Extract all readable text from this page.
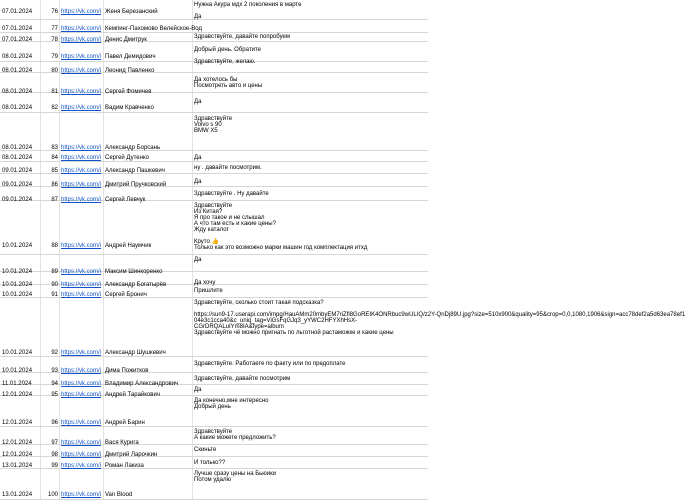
07.01.2024	76 https://vk.com/i Женя Березанский
Нужна Акура мдх 2 поколения в марте

Да
07.01.2024	77 https://vk.com/i Кемпинг-Пахомово Велейское-Вод
07.01.2024	78 https://vk.com/i Денис Дмитрук	Здравствуйте, давайте попробуем
08.01.2024	79 https://vk.com/i Павел Демидович
Добрый день. Обратите

Здравствуйте, желаю.
08.01.2024	80 https://vk.com/i Леонид Павленко
08.01.2024	81 https://vk.com/i Сергей Фомичев
Да хотелось бы
Посмотреть авто и цены
08.01.2024	82 https://vk.com/i Вадим Кравченко
Да
08.01.2024	83 https://vk.com/i Александр Борсань
Здравствуйте
Volvo s 90
BMW X5
08.01.2024	84 https://vk.com/i Сергей Дутенко	Да
09.01.2024	85 https://vk.com/i Александр Пашкевич	ну . давайте посмотрим.
09.01.2024	86 https://vk.com/i Дмитрий Пручковский	Да
09.01.2024	87 https://vk.com/i Сергей Левчук
Здравствуйте . Ну давайте
10.01.2024	88 https://vk.com/i Андрей Наумчик
Здравствуйте
Из Китая?
Я про такое и не слышал
А что там есть и какие цены?
Жду каталог

Круто 👍
Только как это возможно марки машин год комплектация итхд
10.01.2024	89 https://vk.com/i Максим Шинкоренко
Да
10.01.2024	90 https://vk.com/i Александр Богатырёв	Да хочу
10.01.2024	91 https://vk.com/i Сергей Бронич
Пришлите
10.01.2024	92 https://vk.com/i Александр Шушкевич
Здравствуйте, сколько стоит такая подсказка?

https://sun9-17.userapi.com/impg/HauAMm20mbyEM7riZfl8GoREIK4ONRbuc9wULIQ/z2Y-QnDj89U.jpg?size=510x900&quality=95&crop=0,0,1080,1906&sign=acc78def2a5d63ea78ef1
04e3c1cca40&c_uniq_tag=ViGsFqGJq3_yYWC2HFYXhHsX-
CGrDRQALuIYm8IA&type=album
Здравствуйте чё можно пригнать по льготной растаможке и какие цены
10.01.2024	93 https://vk.com/i Дима Пожитков
Здравствуйте. Работаете по факту или по предоплате
11.01.2024	94 https://vk.com/i Владимир Александрович
Здравствуйте, давайте посмотрим
12.01.2024	95 https://vk.com/i Андрей Тарайкович
Да
12.01.2024	96 https://vk.com/i Андрей Барин
Да конечно,мне интересно
Добрый день
12.01.2024	97 https://vk.com/i Вася Курига
Здравствуйте
А какие можете предложить?
12.01.2024	98 https://vk.com/i Дмитрий Ларочкин
Скиньте
13.01.2024	99 https://vk.com/i Роман Лакиза	И только??
13.01.2024	100 https://vk.com/i Van Blood
Лучше сразу цены на Бьюики
Потом удалю
